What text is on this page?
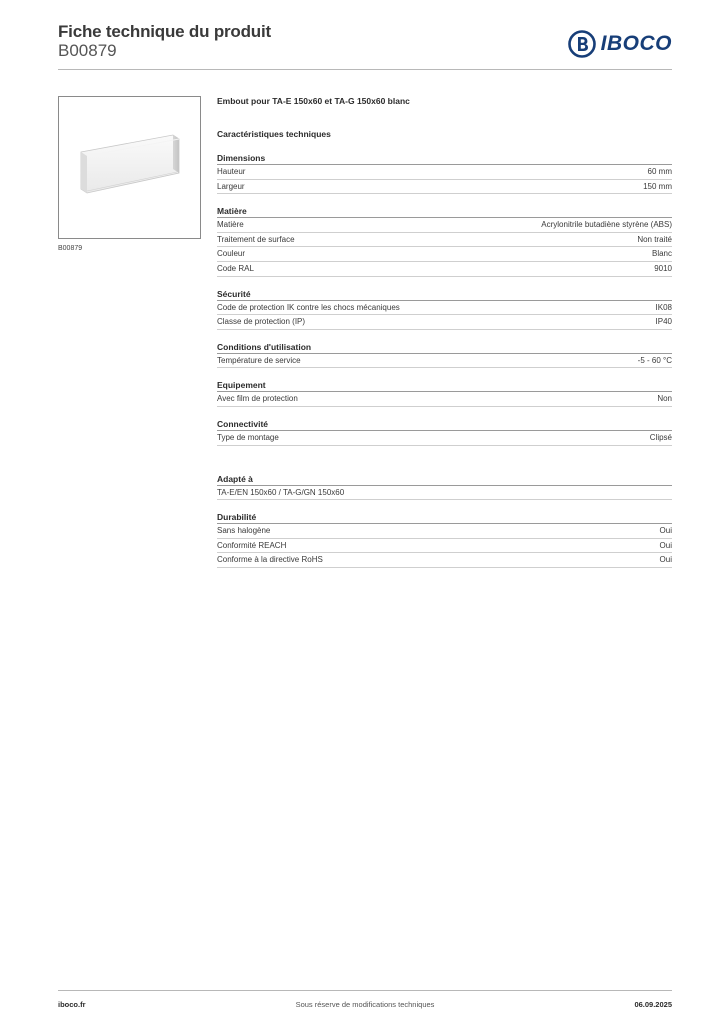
Fiche technique du produit
B00879	IBOCO
B00879
Embout pour TA-E 150x60 et TA-G 150x60 blanc
Caractéristiques techniques
Dimensions
Hauteur	60 mm
Largeur	150 mm
Matière
Matière	Acrylonitrile butadiène styrène (ABS)
Traitement de surface	Non traité
Couleur	Blanc
Code RAL	9010
Sécurité
Code de protection IK contre les chocs mécaniques	IK08
Classe de protection (IP)	IP40
Conditions d'utilisation
Température de service	-5 - 60 °C
Equipement
Avec film de protection	Non
Connectivité
Type de montage	Clipsé
Adapté à
TA-E/EN 150x60 / TA-G/GN 150x60
Durabilité
Sans halogène	Oui
Conformité REACH	Oui
Conforme à la directive RoHS	Oui
iboco.fr	Sous réserve de modifications techniques	06.09.2025
